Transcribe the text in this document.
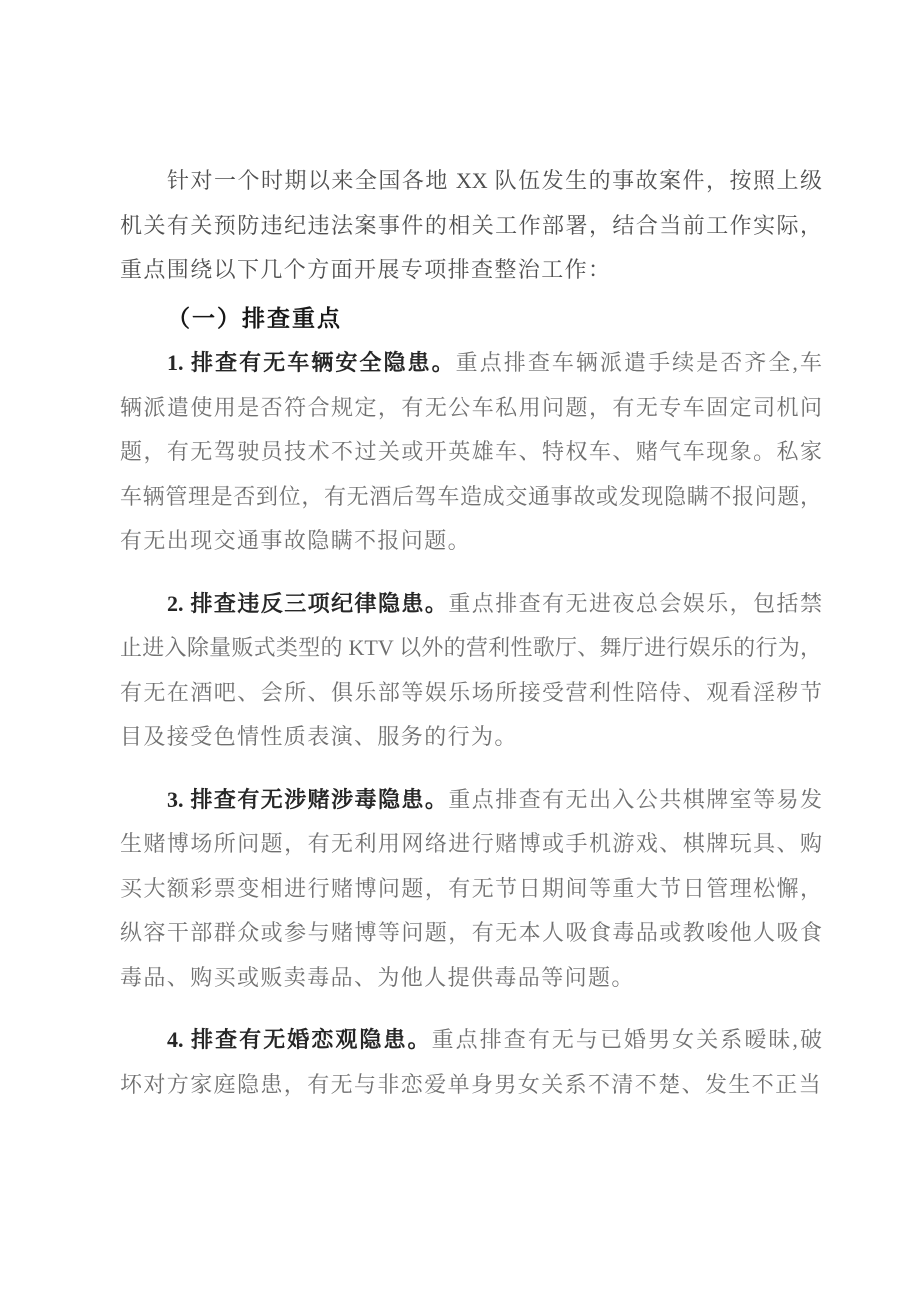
针对一个时期以来全国各地 XX 队伍发生的事故案件，按照上级
机关有关预防违纪违法案事件的相关工作部署，结合当前工作实际，
重点围绕以下几个方面开展专项排查整治工作：
（一）排查重点
1. 排查有无车辆安全隐患。重点排查车辆派遣手续是否齐全,车
辆派遣使用是否符合规定，有无公车私用问题，有无专车固定司机问
题，有无驾驶员技术不过关或开英雄车、特权车、赌气车现象。私家
车辆管理是否到位，有无酒后驾车造成交通事故或发现隐瞒不报问题，
有无出现交通事故隐瞒不报问题。
2. 排查违反三项纪律隐患。重点排查有无进夜总会娱乐，包括禁
止进入除量贩式类型的 KTV 以外的营利性歌厅、舞厅进行娱乐的行为，
有无在酒吧、会所、俱乐部等娱乐场所接受营利性陪侍、观看淫秽节
目及接受色情性质表演、服务的行为。
3. 排查有无涉赌涉毒隐患。重点排查有无出入公共棋牌室等易发
生赌博场所问题，有无利用网络进行赌博或手机游戏、棋牌玩具、购
买大额彩票变相进行赌博问题，有无节日期间等重大节日管理松懈，
纵容干部群众或参与赌博等问题，有无本人吸食毒品或教唆他人吸食
毒品、购买或贩卖毒品、为他人提供毒品等问题。
4. 排查有无婚恋观隐患。重点排查有无与已婚男女关系暧昧,破
坏对方家庭隐患，有无与非恋爱单身男女关系不清不楚、发生不正当
